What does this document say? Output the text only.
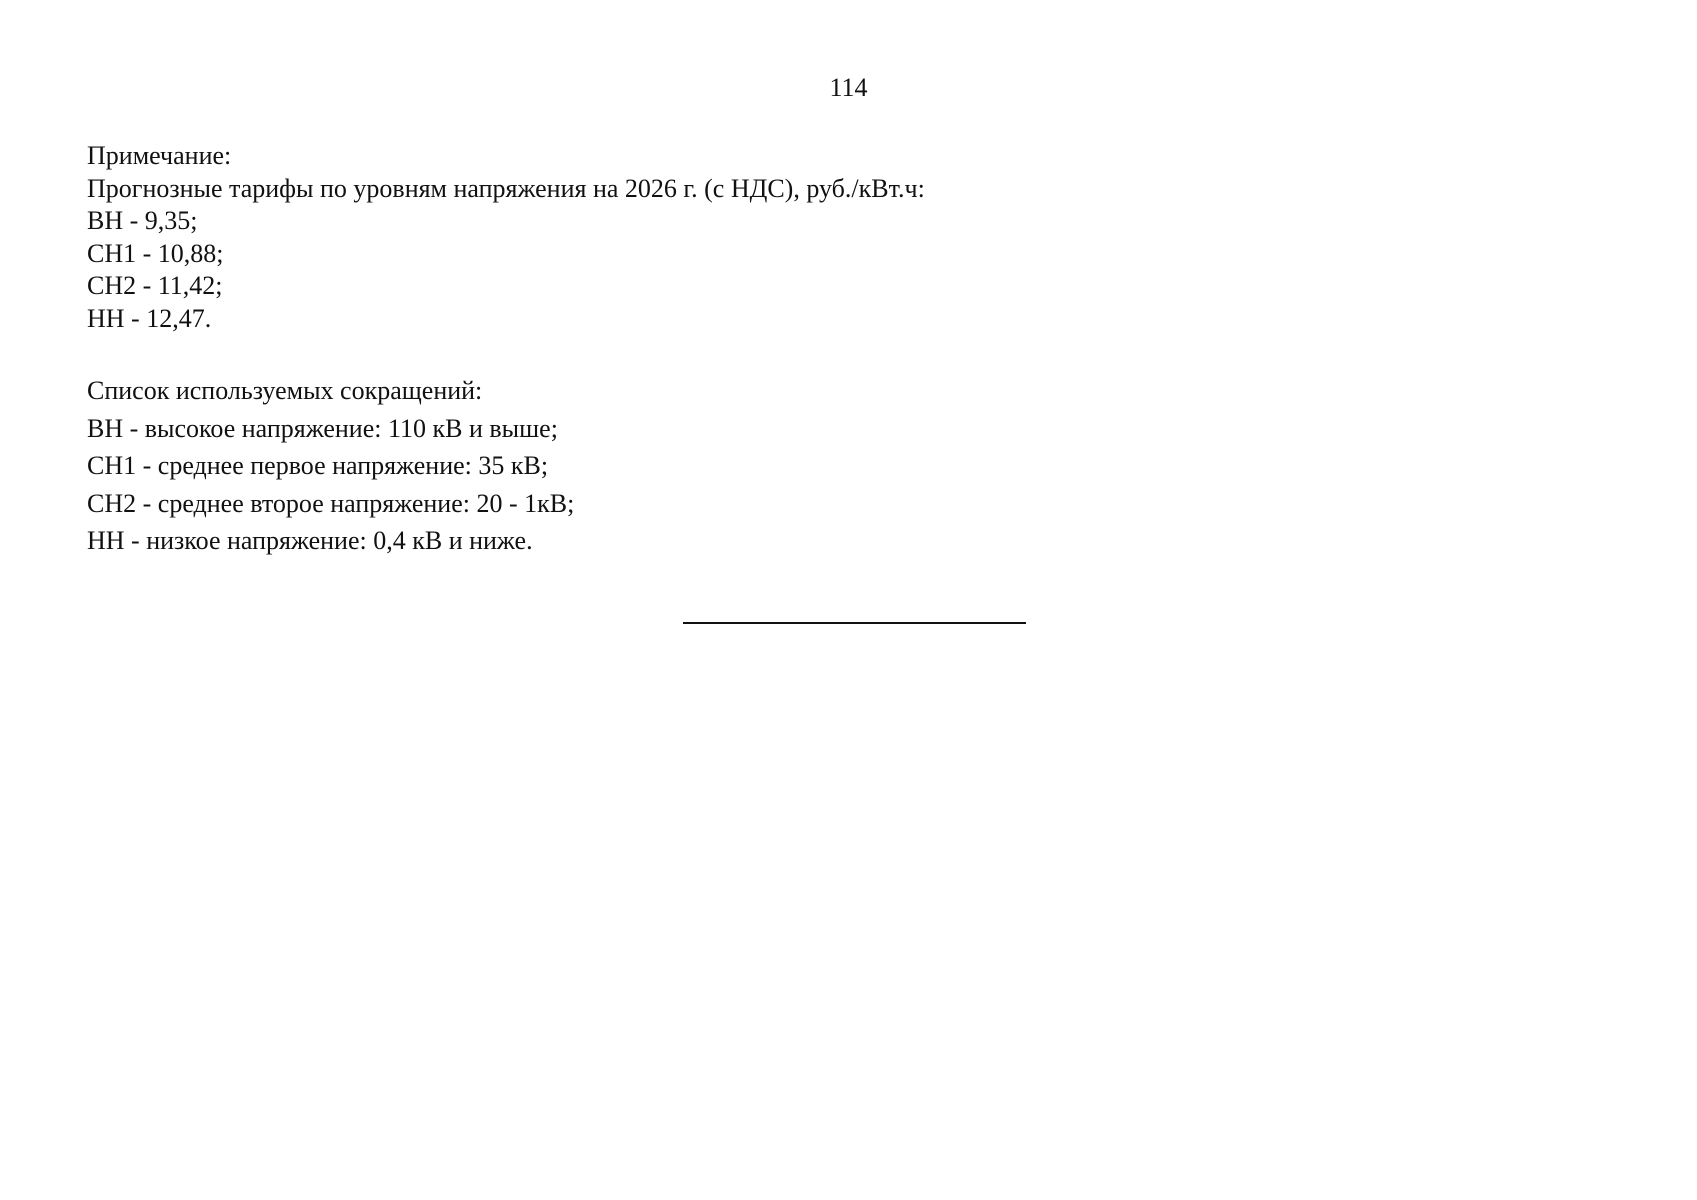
114
Примечание:
Прогнозные тарифы по уровням напряжения на 2026 г. (с НДС), руб./кВт.ч:
ВН - 9,35;
СН1 - 10,88;
СН2 - 11,42;
НН - 12,47.
Список используемых сокращений:
ВН - высокое напряжение: 110 кВ и выше;
СН1 - среднее первое напряжение: 35 кВ;
СН2 - среднее второе напряжение: 20 - 1кВ;
НН - низкое напряжение: 0,4 кВ и ниже.
